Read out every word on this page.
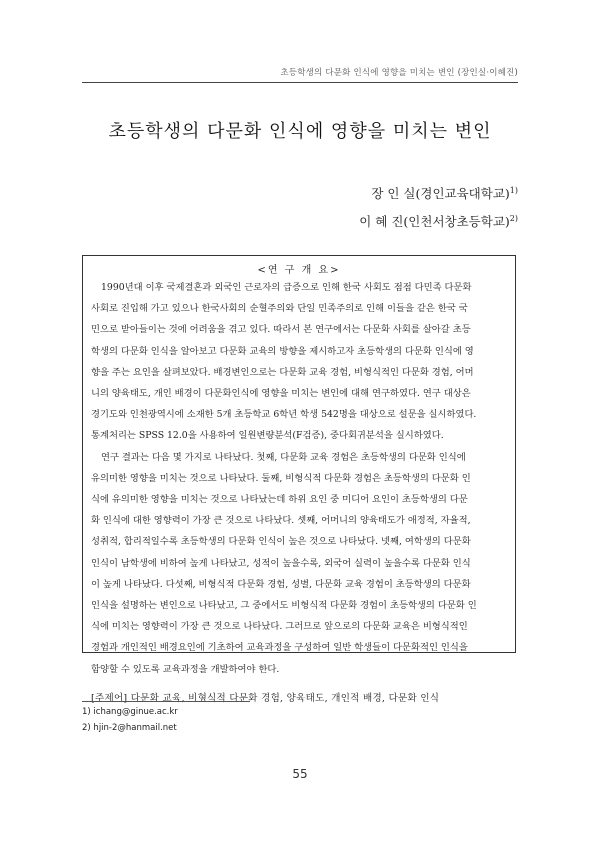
초등학생의 다문화 인식에 영향을 미치는 변인 (장인실·이혜진)
초등학생의 다문화 인식에 영향을 미치는 변인
장 인 실(경인교육대학교)$^{1)}$
이 혜 진(인천서창초등학교)$^{2)}$
<연 구 개 요>

1990년대 이후 국제결혼과 외국인 근로자의 급증으로 인해 한국 사회도 점점 다민족 다문화
사회로 진입해 가고 있으나 한국사회의 순혈주의와 단일 민족주의로 인해 이들을 같은 한국 국
민으로 받아들이는 것에 어려움을 겪고 있다. 따라서 본 연구에서는 다문화 사회를 살아갈 초등
학생의 다문화 인식을 알아보고 다문화 교육의 방향을 제시하고자 초등학생의 다문화 인식에 영
향을 주는 요인을 살펴보았다. 배경변인으로는 다문화 교육 경험, 비형식적인 다문화 경험, 어머
니의 양육태도, 개인 배경이 다문화인식에 영향을 미치는 변인에 대해 연구하였다. 연구 대상은
경기도와 인천광역시에 소재한 5개 초등학교 6학년 학생 542명을 대상으로 설문을 실시하였다.
통계처리는 SPSS 12.0을 사용하여 일원변량분석(F검증), 중다회귀분석을 실시하였다.

연구 결과는 다음 몇 가지로 나타났다. 첫째, 다문화 교육 경험은 초등학생의 다문화 인식에
유의미한 영향을 미치는 것으로 나타났다. 둘째, 비형식적 다문화 경험은 초등학생의 다문화 인
식에 유의미한 영향을 미치는 것으로 나타났는데 하위 요인 중 미디어 요인이 초등학생의 다문
화 인식에 대한 영향력이 가장 큰 것으로 나타났다. 셋째, 어머니의 양육태도가 애정적, 자율적,
성취적, 합리적일수록 초등학생의 다문화 인식이 높은 것으로 나타났다. 넷째, 여학생의 다문화
인식이 남학생에 비하여 높게 나타났고, 성적이 높을수록, 외국어 실력이 높을수록 다문화 인식
이 높게 나타났다. 다섯째, 비형식적 다문화 경험, 성별, 다문화 교육 경험이 초등학생의 다문화
인식을 설명하는 변인으로 나타났고, 그 중에서도 비형식적 다문화 경험이 초등학생의 다문화 인
식에 미치는 영향력이 가장 큰 것으로 나타났다. 그러므로 앞으로의 다문화 교육은 비형식적인
경험과 개인적인 배경요인에 기초하여 교육과정을 구성하여 일반 학생들이 다문화적인 인식을
함양할 수 있도록 교육과정을 개발하여야 한다.

[주제어] 다문화 교육, 비형식적 다문화 경험, 양육태도, 개인적 배경, 다문화 인식
1) ichang@ginue.ac.kr
2) hjin-2@hanmail.net
55
